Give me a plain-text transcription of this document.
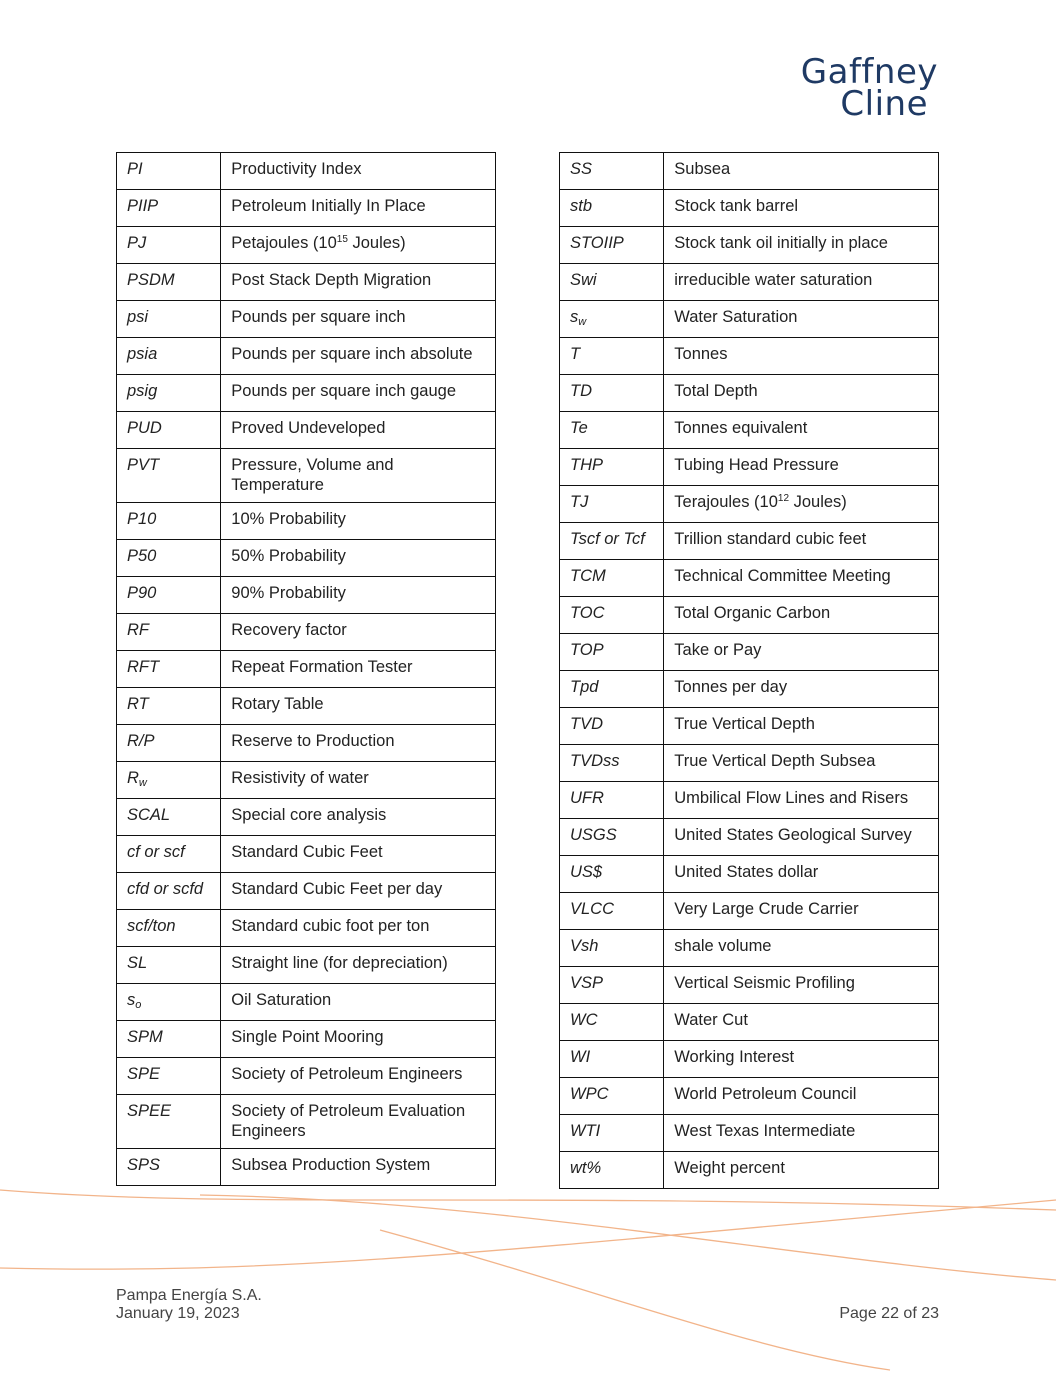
Gaffney
Cline
PI	Productivity Index
PIIP	Petroleum Initially In Place
PJ	Petajoules ($10^{15}$ Joules)
PSDM	Post Stack Depth Migration
psi	Pounds per square inch
psia	Pounds per square inch absolute
psig	Pounds per square inch gauge
PUD	Proved Undeveloped
PVT	Pressure, Volume and Temperature
P10	10% Probability
P50	50% Probability
P90	90% Probability
RF	Recovery factor
RFT	Repeat Formation Tester
RT	Rotary Table
R/P	Reserve to Production
$R_w$	Resistivity of water
SCAL	Special core analysis
cf or scf	Standard Cubic Feet
cfd or scfd	Standard Cubic Feet per day
scf/ton	Standard cubic foot per ton
SL	Straight line (for depreciation)
$s_o$	Oil Saturation
SPM	Single Point Mooring
SPE	Society of Petroleum Engineers
SPEE	Society of Petroleum Evaluation Engineers
SPS	Subsea Production System
SS	Subsea
stb	Stock tank barrel
STOIIP	Stock tank oil initially in place
Swi	irreducible water saturation
$s_w$	Water Saturation
T	Tonnes
TD	Total Depth
Te	Tonnes equivalent
THP	Tubing Head Pressure
TJ	Terajoules ($10^{12}$ Joules)
Tscf or Tcf	Trillion standard cubic feet
TCM	Technical Committee Meeting
TOC	Total Organic Carbon
TOP	Take or Pay
Tpd	Tonnes per day
TVD	True Vertical Depth
TVDss	True Vertical Depth Subsea
UFR	Umbilical Flow Lines and Risers
USGS	United States Geological Survey
US$	United States dollar
VLCC	Very Large Crude Carrier
Vsh	shale volume
VSP	Vertical Seismic Profiling
WC	Water Cut
WI	Working Interest
WPC	World Petroleum Council
WTI	West Texas Intermediate
wt%	Weight percent
Pampa Energía S.A.
January 19, 2023	Page 22 of 23
